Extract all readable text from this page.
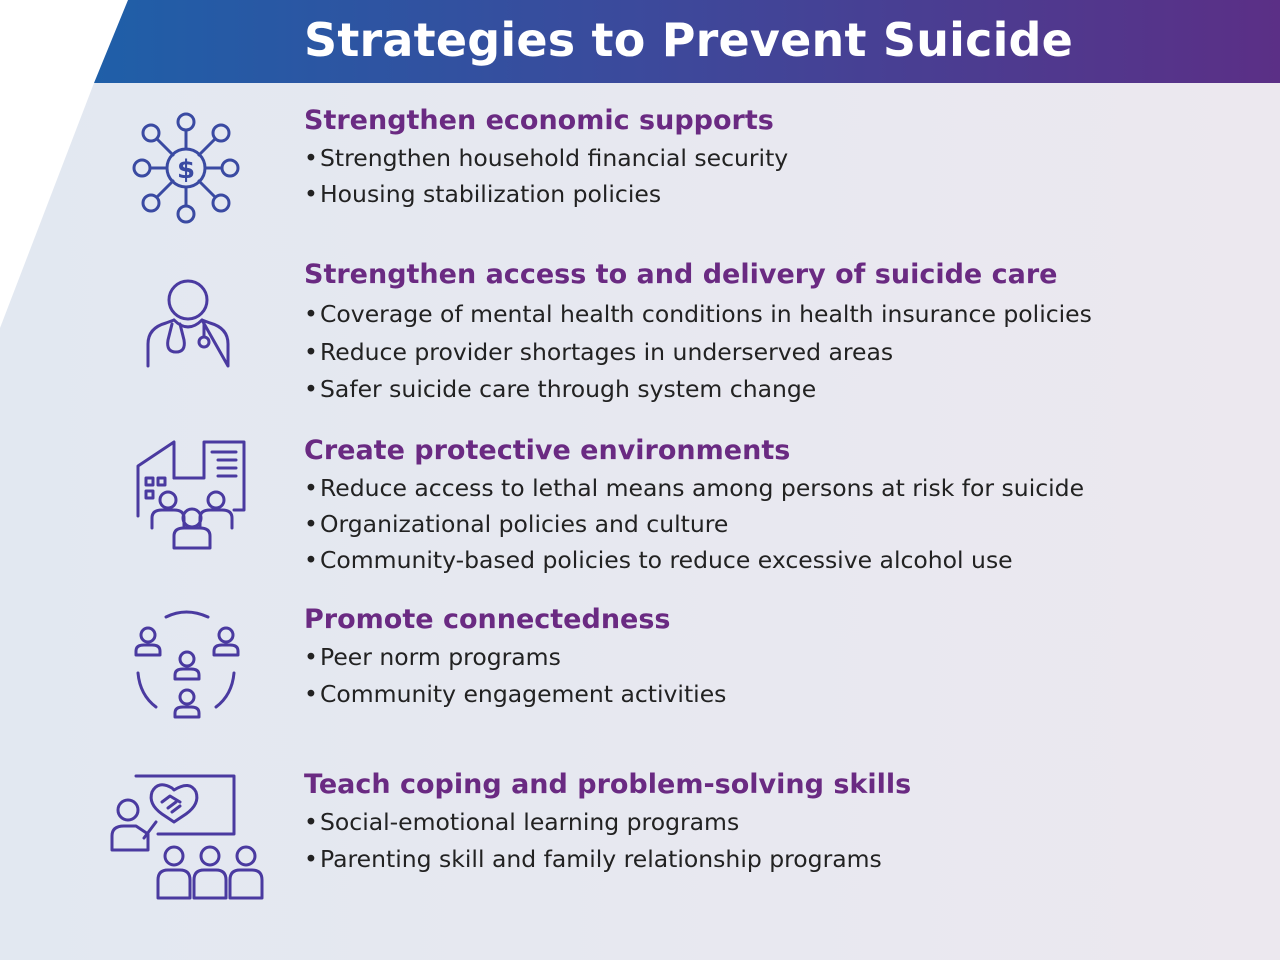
Strategies to Prevent Suicide
$
Strengthen economic supports
•Strengthen household financial security
•Housing stabilization policies
Strengthen access to and delivery of suicide care
•Coverage of mental health conditions in health insurance policies
•Reduce provider shortages in underserved areas
•Safer suicide care through system change
Create protective environments
•Reduce access to lethal means among persons at risk for suicide
•Organizational policies and culture
•Community-based policies to reduce excessive alcohol use
Promote connectedness
•Peer norm programs
•Community engagement activities
Teach coping and problem-solving skills
•Social-emotional learning programs
•Parenting skill and family relationship programs
